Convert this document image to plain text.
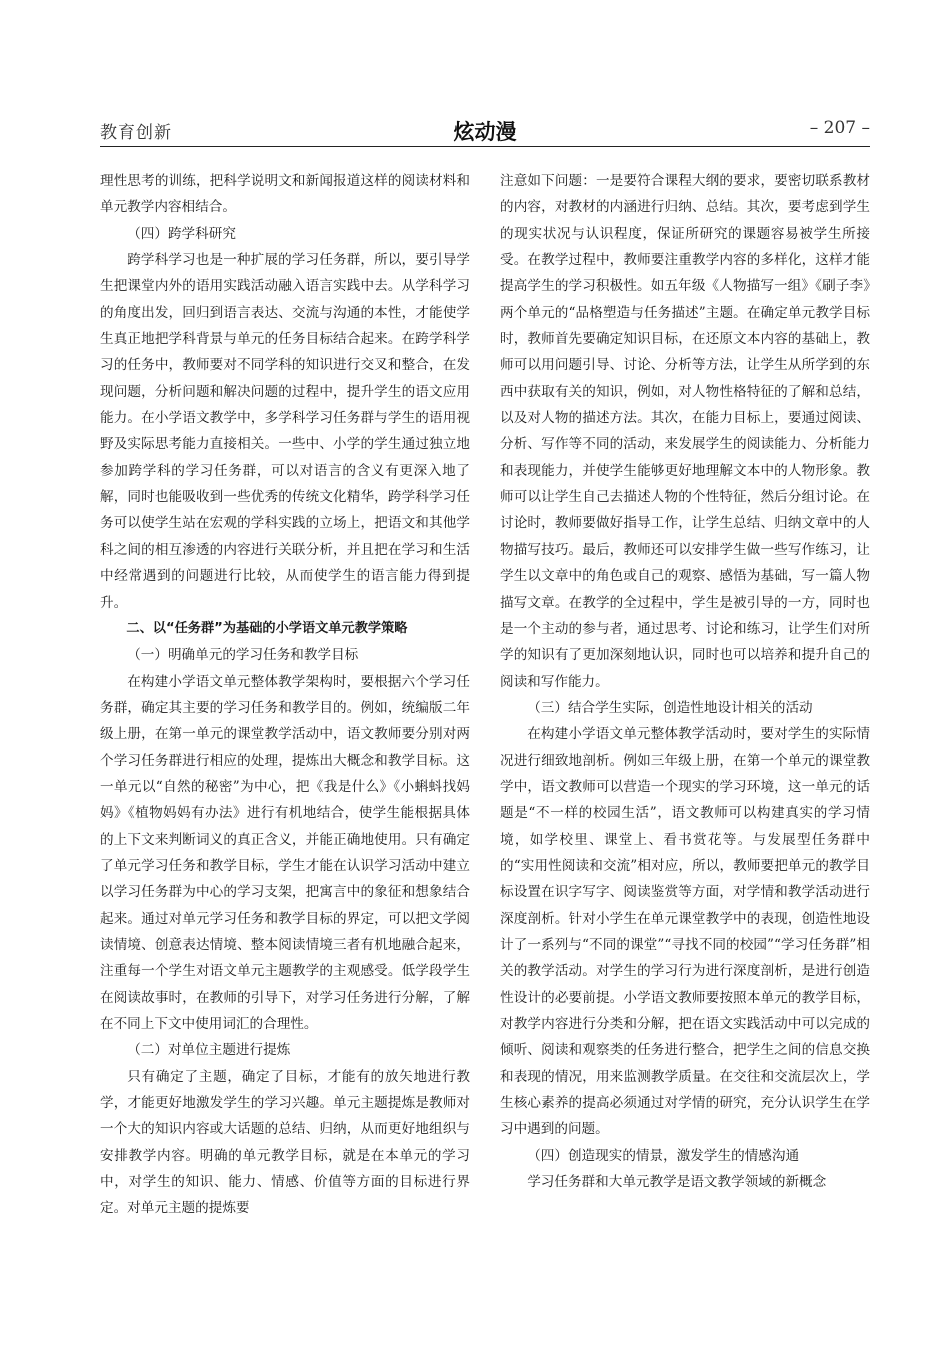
教育创新	炫动漫	– 207 –

理性思考的训练，把科学说明文和新闻报道这样的阅读材料和单元教学内容相结合。

（四）跨学科研究

跨学科学习也是一种扩展的学习任务群，所以，要引导学生把课堂内外的语用实践活动融入语言实践中去。从学科学习的角度出发，回归到语言表达、交流与沟通的本性，才能使学生真正地把学科背景与单元的任务目标结合起来。在跨学科学习的任务中，教师要对不同学科的知识进行交叉和整合，在发现问题，分析问题和解决问题的过程中，提升学生的语文应用能力。在小学语文教学中，多学科学习任务群与学生的语用视野及实际思考能力直接相关。一些中、小学的学生通过独立地参加跨学科的学习任务群，可以对语言的含义有更深入地了解，同时也能吸收到一些优秀的传统文化精华，跨学科学习任务可以使学生站在宏观的学科实践的立场上，把语文和其他学科之间的相互渗透的内容进行关联分析，并且把在学习和生活中经常遇到的问题进行比较，从而使学生的语言能力得到提升。

二、以“任务群”为基础的小学语文单元教学策略

（一）明确单元的学习任务和教学目标

在构建小学语文单元整体教学架构时，要根据六个学习任务群，确定其主要的学习任务和教学目的。例如，统编版二年级上册，在第一单元的课堂教学活动中，语文教师要分别对两个学习任务群进行相应的处理，提炼出大概念和教学目标。这一单元以“自然的秘密”为中心，把《我是什么》《小蝌蚪找妈妈》《植物妈妈有办法》进行有机地结合，使学生能根据具体的上下文来判断词义的真正含义，并能正确地使用。只有确定了单元学习任务和教学目标，学生才能在认识学习活动中建立以学习任务群为中心的学习支架，把寓言中的象征和想象结合起来。通过对单元学习任务和教学目标的界定，可以把文学阅读情境、创意表达情境、整本阅读情境三者有机地融合起来，注重每一个学生对语文单元主题教学的主观感受。低学段学生在阅读故事时，在教师的引导下，对学习任务进行分解，了解在不同上下文中使用词汇的合理性。

（二）对单位主题进行提炼

只有确定了主题，确定了目标，才能有的放矢地进行教学，才能更好地激发学生的学习兴趣。单元主题提炼是教师对一个大的知识内容或大话题的总结、归纳，从而更好地组织与安排教学内容。明确的单元教学目标，就是在本单元的学习中，对学生的知识、能力、情感、价值等方面的目标进行界定。对单元主题的提炼要

注意如下问题：一是要符合课程大纲的要求，要密切联系教材的内容，对教材的内涵进行归纳、总结。其次，要考虑到学生的现实状况与认识程度，保证所研究的课题容易被学生所接受。在教学过程中，教师要注重教学内容的多样化，这样才能提高学生的学习积极性。如五年级《人物描写一组》《刷子李》两个单元的“品格塑造与任务描述”主题。在确定单元教学目标时，教师首先要确定知识目标，在还原文本内容的基础上，教师可以用问题引导、讨论、分析等方法，让学生从所学到的东西中获取有关的知识，例如，对人物性格特征的了解和总结，以及对人物的描述方法。其次，在能力目标上，要通过阅读、分析、写作等不同的活动，来发展学生的阅读能力、分析能力和表现能力，并使学生能够更好地理解文本中的人物形象。教师可以让学生自己去描述人物的个性特征，然后分组讨论。在讨论时，教师要做好指导工作，让学生总结、归纳文章中的人物描写技巧。最后，教师还可以安排学生做一些写作练习，让学生以文章中的角色或自己的观察、感悟为基础，写一篇人物描写文章。在教学的全过程中，学生是被引导的一方，同时也是一个主动的参与者，通过思考、讨论和练习，让学生们对所学的知识有了更加深刻地认识，同时也可以培养和提升自己的阅读和写作能力。

（三）结合学生实际，创造性地设计相关的活动

在构建小学语文单元整体教学活动时，要对学生的实际情况进行细致地剖析。例如三年级上册，在第一个单元的课堂教学中，语文教师可以营造一个现实的学习环境，这一单元的话题是“不一样的校园生活”，语文教师可以构建真实的学习情境，如学校里、课堂上、看书赏花等。与发展型任务群中的“实用性阅读和交流”相对应，所以，教师要把单元的教学目标设置在识字写字、阅读鉴赏等方面，对学情和教学活动进行深度剖析。针对小学生在单元课堂教学中的表现，创造性地设计了一系列与“不同的课堂”“寻找不同的校园”“学习任务群”相关的教学活动。对学生的学习行为进行深度剖析，是进行创造性设计的必要前提。小学语文教师要按照本单元的教学目标，对教学内容进行分类和分解，把在语文实践活动中可以完成的倾听、阅读和观察类的任务进行整合，把学生之间的信息交换和表现的情况，用来监测教学质量。在交往和交流层次上，学生核心素养的提高必须通过对学情的研究，充分认识学生在学习中遇到的问题。

（四）创造现实的情景，激发学生的情感沟通

学习任务群和大单元教学是语文教学领域的新概念
